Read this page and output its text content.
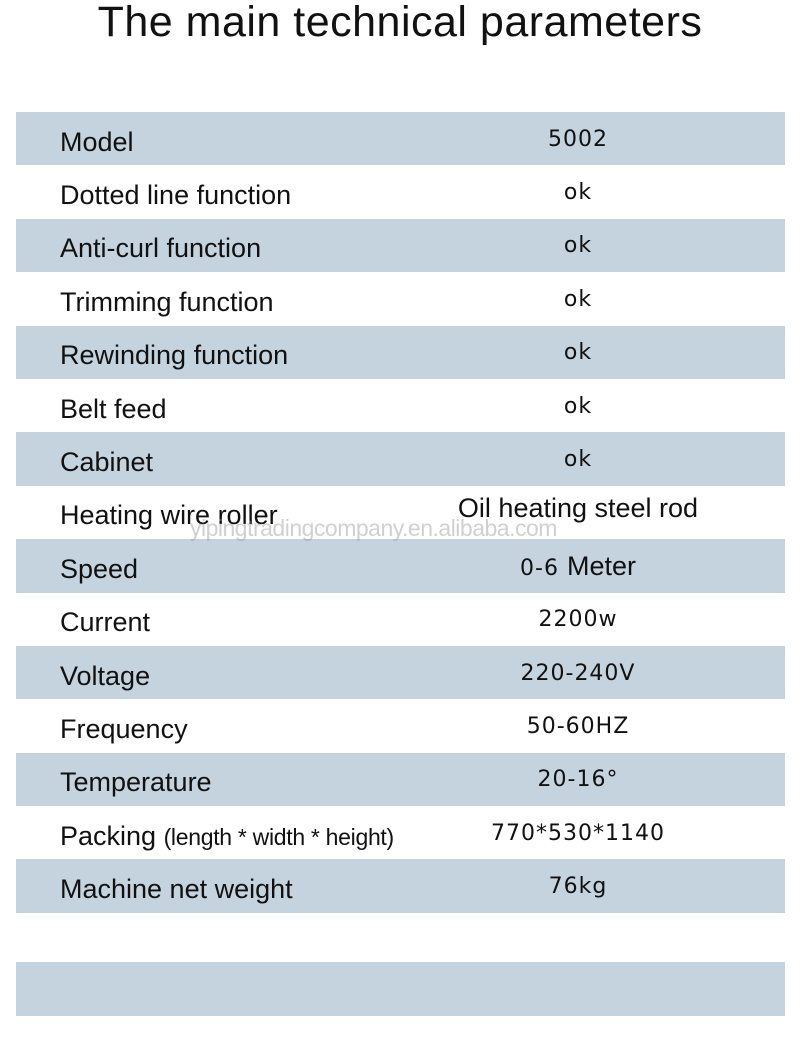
The main technical parameters
Model	5002
Dotted line function	ok
Anti-curl function	ok
Trimming function	ok
Rewinding function	ok
Belt feed	ok
Cabinet	ok
Heating wire roller	Oil heating steel rod
Speed	0-6 Meter
Current	2200w
Voltage	220-240V
Frequency	50-60HZ
Temperature	20-16°
Packing (length * width * height)	770*530*1140
Machine net weight	76kg
yipingtradingcompany.en.alibaba.com
